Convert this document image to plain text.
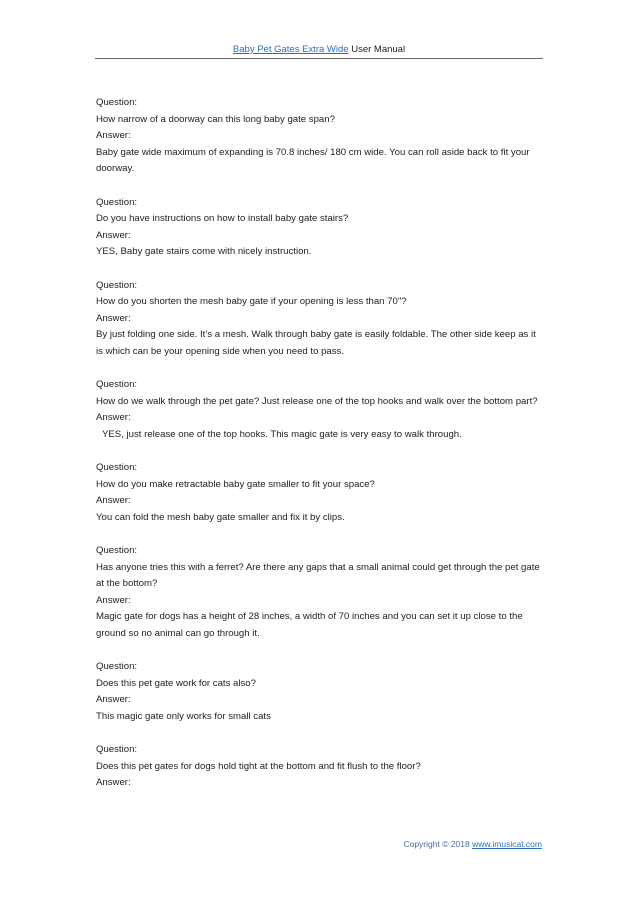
Baby Pet Gates Extra Wide User Manual

Question:

How narrow of a doorway can this long baby gate span?

Answer:

Baby gate wide maximum of expanding is 70.8 inches/ 180 cm wide. You can roll aside back to fit your doorway.

Question:

Do you have instructions on how to install baby gate stairs?

Answer:

YES, Baby gate stairs come with nicely instruction.

Question:

How do you shorten the mesh baby gate if your opening is less than 70"?

Answer:

By just folding one side. It’s a mesh. Walk through baby gate is easily foldable. The other side keep as it is which can be your opening side when you need to pass.

Question:

How do we walk through the pet gate? Just release one of the top hooks and walk over the bottom part?

Answer:

YES, just release one of the top hooks. This magic gate is very easy to walk through.

Question:

How do you make retractable baby gate smaller to fit your space?

Answer:

You can fold the mesh baby gate smaller and fix it by clips.

Question:

Has anyone tries this with a ferret? Are there any gaps that a small animal could get through the pet gate at the bottom?

Answer:

Magic gate for dogs has a height of 28 inches, a width of 70 inches and you can set it up close to the ground so no animal can go through it.

Question:

Does this pet gate work for cats also?

Answer:

This magic gate only works for small cats

Question:

Does this pet gates for dogs hold tight at the bottom and fit flush to the floor?

Answer:

Copyright © 2018 www.imusicat.com
